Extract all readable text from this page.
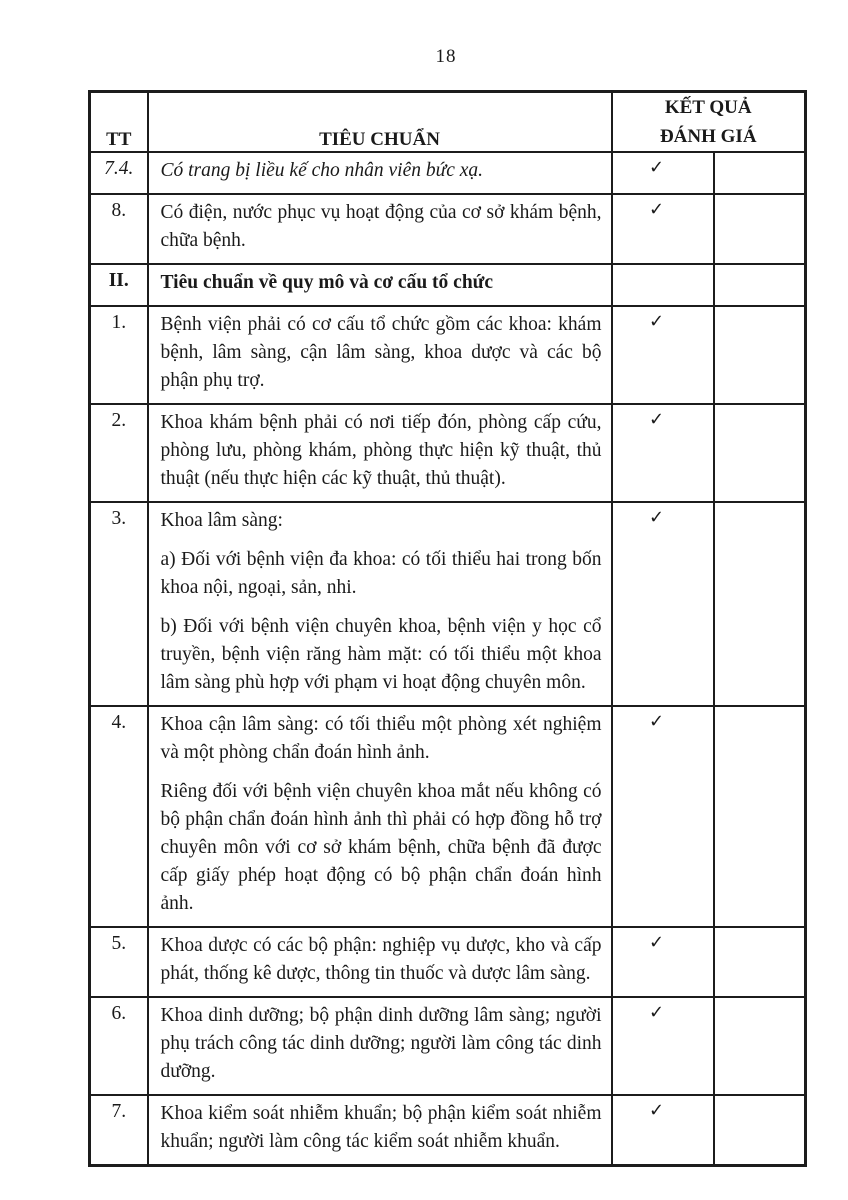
18
TT	TIÊU CHUẨN	KẾT QUẢ
ĐÁNH GIÁ	

7.4.	Có trang bị liều kế cho nhân viên bức xạ.	✓	
8.	Có điện, nước phục vụ hoạt động của cơ sở khám bệnh, chữa bệnh.	✓	
II.	Tiêu chuẩn về quy mô và cơ cấu tổ chức		

1.	Bệnh viện phải có cơ cấu tổ chức gồm các khoa: khám bệnh, lâm sàng, cận lâm sàng, khoa dược và các bộ phận phụ trợ.	✓	
2.	Khoa khám bệnh phải có nơi tiếp đón, phòng cấp cứu, phòng lưu, phòng khám, phòng thực hiện kỹ thuật, thủ thuật (nếu thực hiện các kỹ thuật, thủ thuật).	✓	
3.	Khoa lâm sàng:

a) Đối với bệnh viện đa khoa: có tối thiểu hai trong bốn khoa nội, ngoại, sản, nhi.

b) Đối với bệnh viện chuyên khoa, bệnh viện y học cổ truyền, bệnh viện răng hàm mặt: có tối thiểu một khoa lâm sàng phù hợp với phạm vi hoạt động chuyên môn.	✓	
4.	Khoa cận lâm sàng: có tối thiểu một phòng xét nghiệm và một phòng chẩn đoán hình ảnh.

Riêng đối với bệnh viện chuyên khoa mắt nếu không có bộ phận chẩn đoán hình ảnh thì phải có hợp đồng hỗ trợ chuyên môn với cơ sở khám bệnh, chữa bệnh đã được cấp giấy phép hoạt động có bộ phận chẩn đoán hình ảnh.	✓	
5.	Khoa dược có các bộ phận: nghiệp vụ dược, kho và cấp phát, thống kê dược, thông tin thuốc và dược lâm sàng.	✓	
6.	Khoa dinh dưỡng; bộ phận dinh dưỡng lâm sàng; người phụ trách công tác dinh dưỡng; người làm công tác dinh dưỡng.	✓	
7.	Khoa kiểm soát nhiễm khuẩn; bộ phận kiểm soát nhiễm khuẩn; người làm công tác kiểm soát nhiễm khuẩn.	✓	
